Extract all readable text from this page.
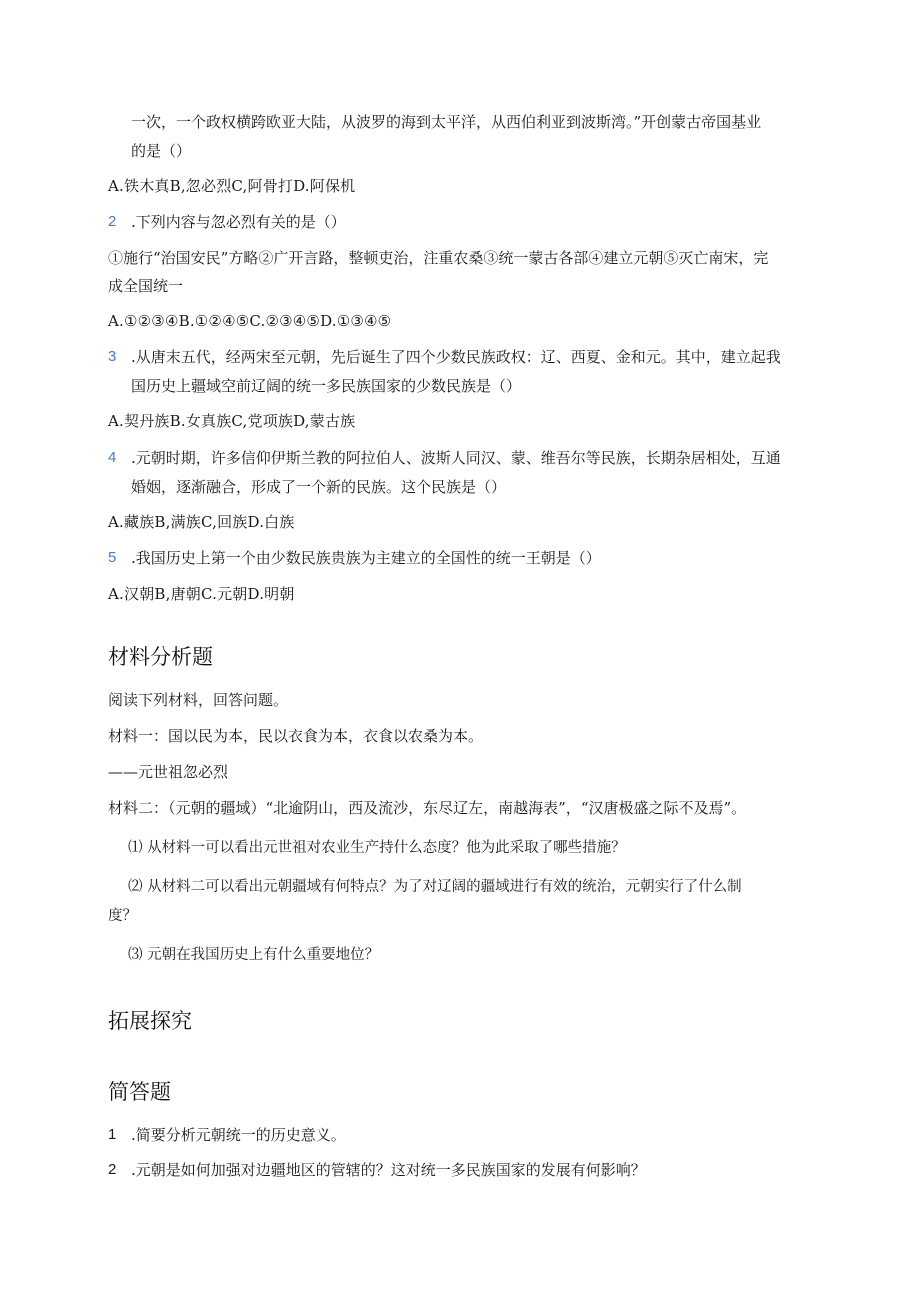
一次，一个政权横跨欧亚大陆，从波罗的海到太平洋，从西伯利亚到波斯湾。”开创蒙古帝国基业
的是（）
A.铁木真B,忽必烈C,阿骨打D.阿保机
2 .下列内容与忽必烈有关的是（）
①施行“治国安民”方略②广开言路，整顿吏治，注重农桑③统一蒙古各部④建立元朝⑤灭亡南宋，完
成全国统一
A.①②③④B.①②④⑤C.②③④⑤D.①③④⑤
3 .从唐末五代，经两宋至元朝，先后诞生了四个少数民族政权：辽、西夏、金和元。其中，建立起我
国历史上疆域空前辽阔的统一多民族国家的少数民族是（）
A.契丹族B.女真族C,党项族D,蒙古族
4 .元朝时期，许多信仰伊斯兰教的阿拉伯人、波斯人同汉、蒙、维吾尔等民族，长期杂居相处，互通
婚姻，逐渐融合，形成了一个新的民族。这个民族是（）
A.藏族B,满族C,回族D.白族
5 .我国历史上第一个由少数民族贵族为主建立的全国性的统一王朝是（）
A.汉朝B,唐朝C.元朝D.明朝
材料分析题
阅读下列材料，回答问题。
材料一：国以民为本，民以衣食为本，衣食以农桑为本。
——元世祖忽必烈
材料二：（元朝的疆域）“北逾阴山，西及流沙，东尽辽左，南越海表”，“汉唐极盛之际不及焉”。
⑴ 从材料一可以看出元世祖对农业生产持什么态度？他为此采取了哪些措施？
⑵ 从材料二可以看出元朝疆域有何特点？为了对辽阔的疆域进行有效的统治，元朝实行了什么制
度？
⑶ 元朝在我国历史上有什么重要地位？
拓展探究
简答题
1 .简要分析元朝统一的历史意义。
2 .元朝是如何加强对边疆地区的管辖的？这对统一多民族国家的发展有何影响？
